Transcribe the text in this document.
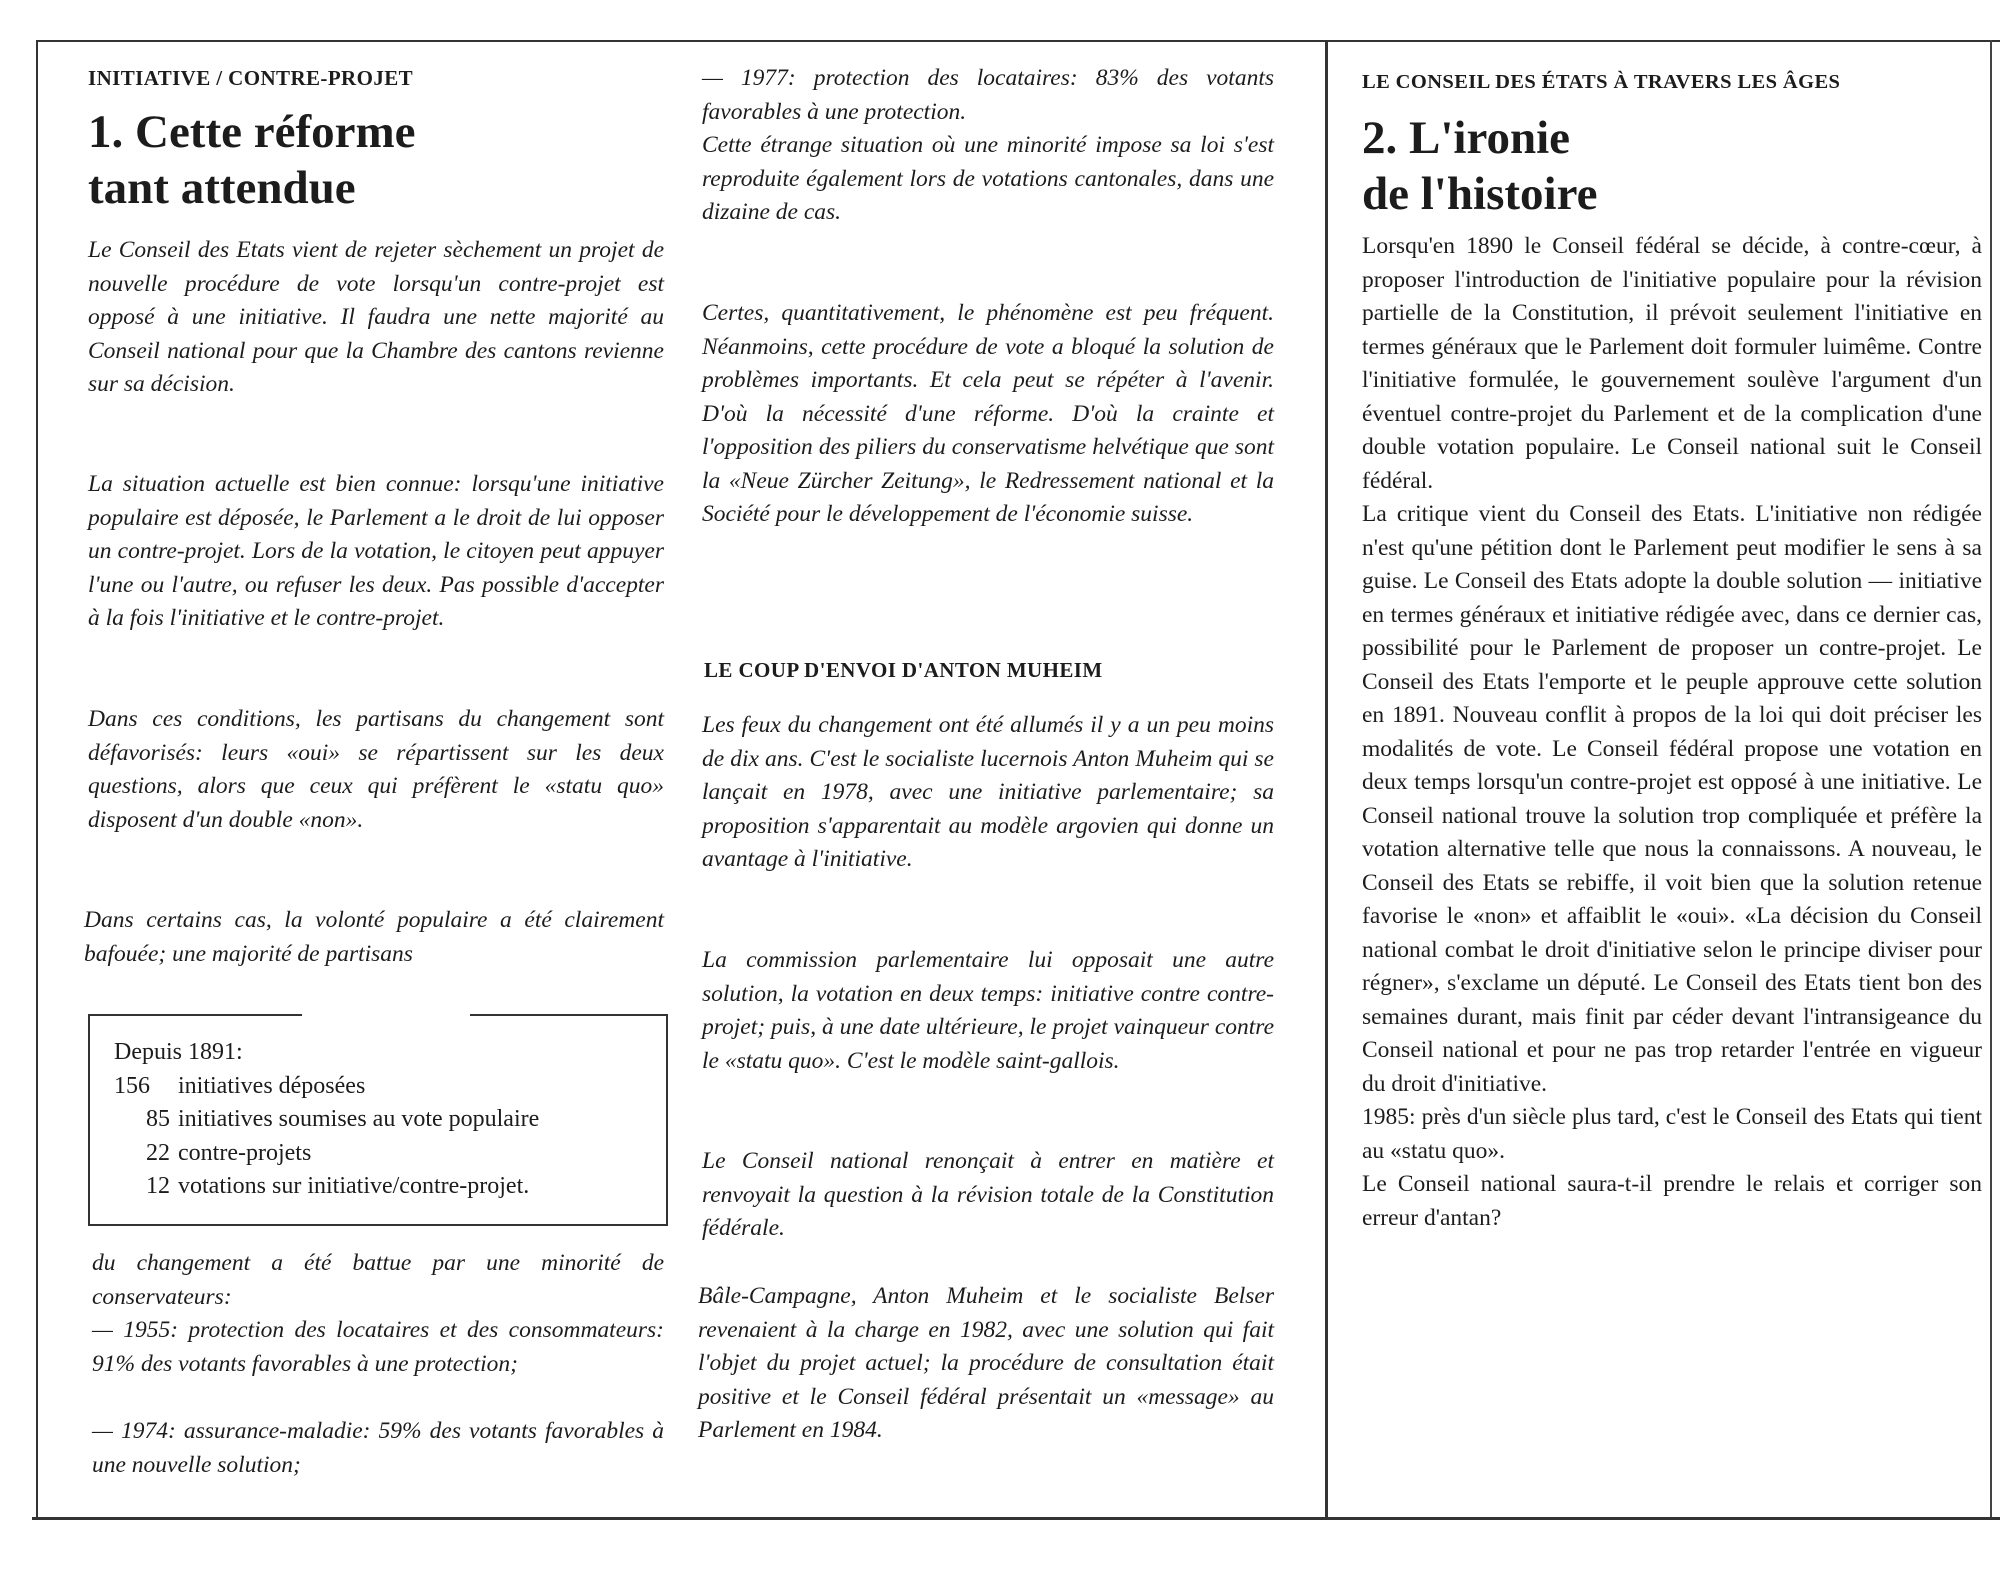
INITIATIVE / CONTRE-PROJET
1. Cette réforme
tant attendue

Le Conseil des Etats vient de rejeter sèchement un projet de nouvelle procédure de vote lorsqu'un contre-projet est opposé à une initiative. Il faudra une nette majorité au Conseil national pour que la Chambre des cantons revienne sur sa décision.

La situation actuelle est bien connue: lorsqu'une initiative populaire est déposée, le Parlement a le droit de lui opposer un contre-projet. Lors de la votation, le citoyen peut appuyer l'une ou l'autre, ou refuser les deux. Pas possible d'accepter à la fois l'initiative et le contre-projet.

Dans ces conditions, les partisans du changement sont défavorisés: leurs «oui» se répartissent sur les deux questions, alors que ceux qui préfèrent le «statu quo» disposent d'un double «non».

Dans certains cas, la volonté populaire a été clairement bafouée; une majorité de partisans

Depuis 1891:
156	initiatives déposées
85 initiatives soumises au vote populaire
22 contre-projets
12 votations sur initiative/contre-projet.

du changement a été battue par une minorité de conservateurs:

— 1955: protection des locataires et des consommateurs: 91% des votants favorables à une protection;

— 1974: assurance-maladie: 59% des votants favorables à une nouvelle solution;

— 1977: protection des locataires: 83% des votants favorables à une protection.

Cette étrange situation où une minorité impose sa loi s'est reproduite également lors de votations cantonales, dans une dizaine de cas.

Certes, quantitativement, le phénomène est peu fréquent. Néanmoins, cette procédure de vote a bloqué la solution de problèmes importants. Et cela peut se répéter à l'avenir. D'où la nécessité d'une réforme. D'où la crainte et l'opposition des piliers du conservatisme helvétique que sont la «Neue Zürcher Zeitung», le Redressement national et la Société pour le développement de l'économie suisse.

LE COUP D'ENVOI D'ANTON MUHEIM

Les feux du changement ont été allumés il y a un peu moins de dix ans. C'est le socialiste lucernois Anton Muheim qui se lançait en 1978, avec une initiative parlementaire; sa proposition s'apparentait au modèle argovien qui donne un avantage à l'initiative.

La commission parlementaire lui opposait une autre solution, la votation en deux temps: initiative contre contre-projet; puis, à une date ultérieure, le projet vainqueur contre le «statu quo». C'est le modèle saint-gallois.

Le Conseil national renonçait à entrer en matière et renvoyait la question à la révision totale de la Constitution fédérale.

Bâle-Campagne, Anton Muheim et le socialiste Belser revenaient à la charge en 1982, avec une solution qui fait l'objet du projet actuel; la procédure de consultation était positive et le Conseil fédéral présentait un «message» au Parlement en 1984.

LE CONSEIL DES ÉTATS À TRAVERS LES ÂGES
2. L'ironie
de l'histoire

Lorsqu'en 1890 le Conseil fédéral se décide, à contre-cœur, à proposer l'introduction de l'initiative populaire pour la révision partielle de la Constitution, il prévoit seulement l'initiative en termes généraux que le Parlement doit formuler luimême. Contre l'initiative formulée, le gouvernement soulève l'argument d'un éventuel contre-projet du Parlement et de la complication d'une double votation populaire. Le Conseil national suit le Conseil fédéral.

La critique vient du Conseil des Etats. L'initiative non rédigée n'est qu'une pétition dont le Parlement peut modifier le sens à sa guise. Le Conseil des Etats adopte la double solution — initiative en termes généraux et initiative rédigée avec, dans ce dernier cas, possibilité pour le Parlement de proposer un contre-projet. Le Conseil des Etats l'emporte et le peuple approuve cette solution en 1891. Nouveau conflit à propos de la loi qui doit préciser les modalités de vote. Le Conseil fédéral propose une votation en deux temps lorsqu'un contre-projet est opposé à une initiative. Le Conseil national trouve la solution trop compliquée et préfère la votation alternative telle que nous la connaissons. A nouveau, le Conseil des Etats se rebiffe, il voit bien que la solution retenue favorise le «non» et affaiblit le «oui». «La décision du Conseil national combat le droit d'initiative selon le principe diviser pour régner», s'exclame un député. Le Conseil des Etats tient bon des semaines durant, mais finit par céder devant l'intransigeance du Conseil national et pour ne pas trop retarder l'entrée en vigueur du droit d'initiative.

1985: près d'un siècle plus tard, c'est le Conseil des Etats qui tient au «statu quo».

Le Conseil national saura-t-il prendre le relais et corriger son erreur d'antan?
